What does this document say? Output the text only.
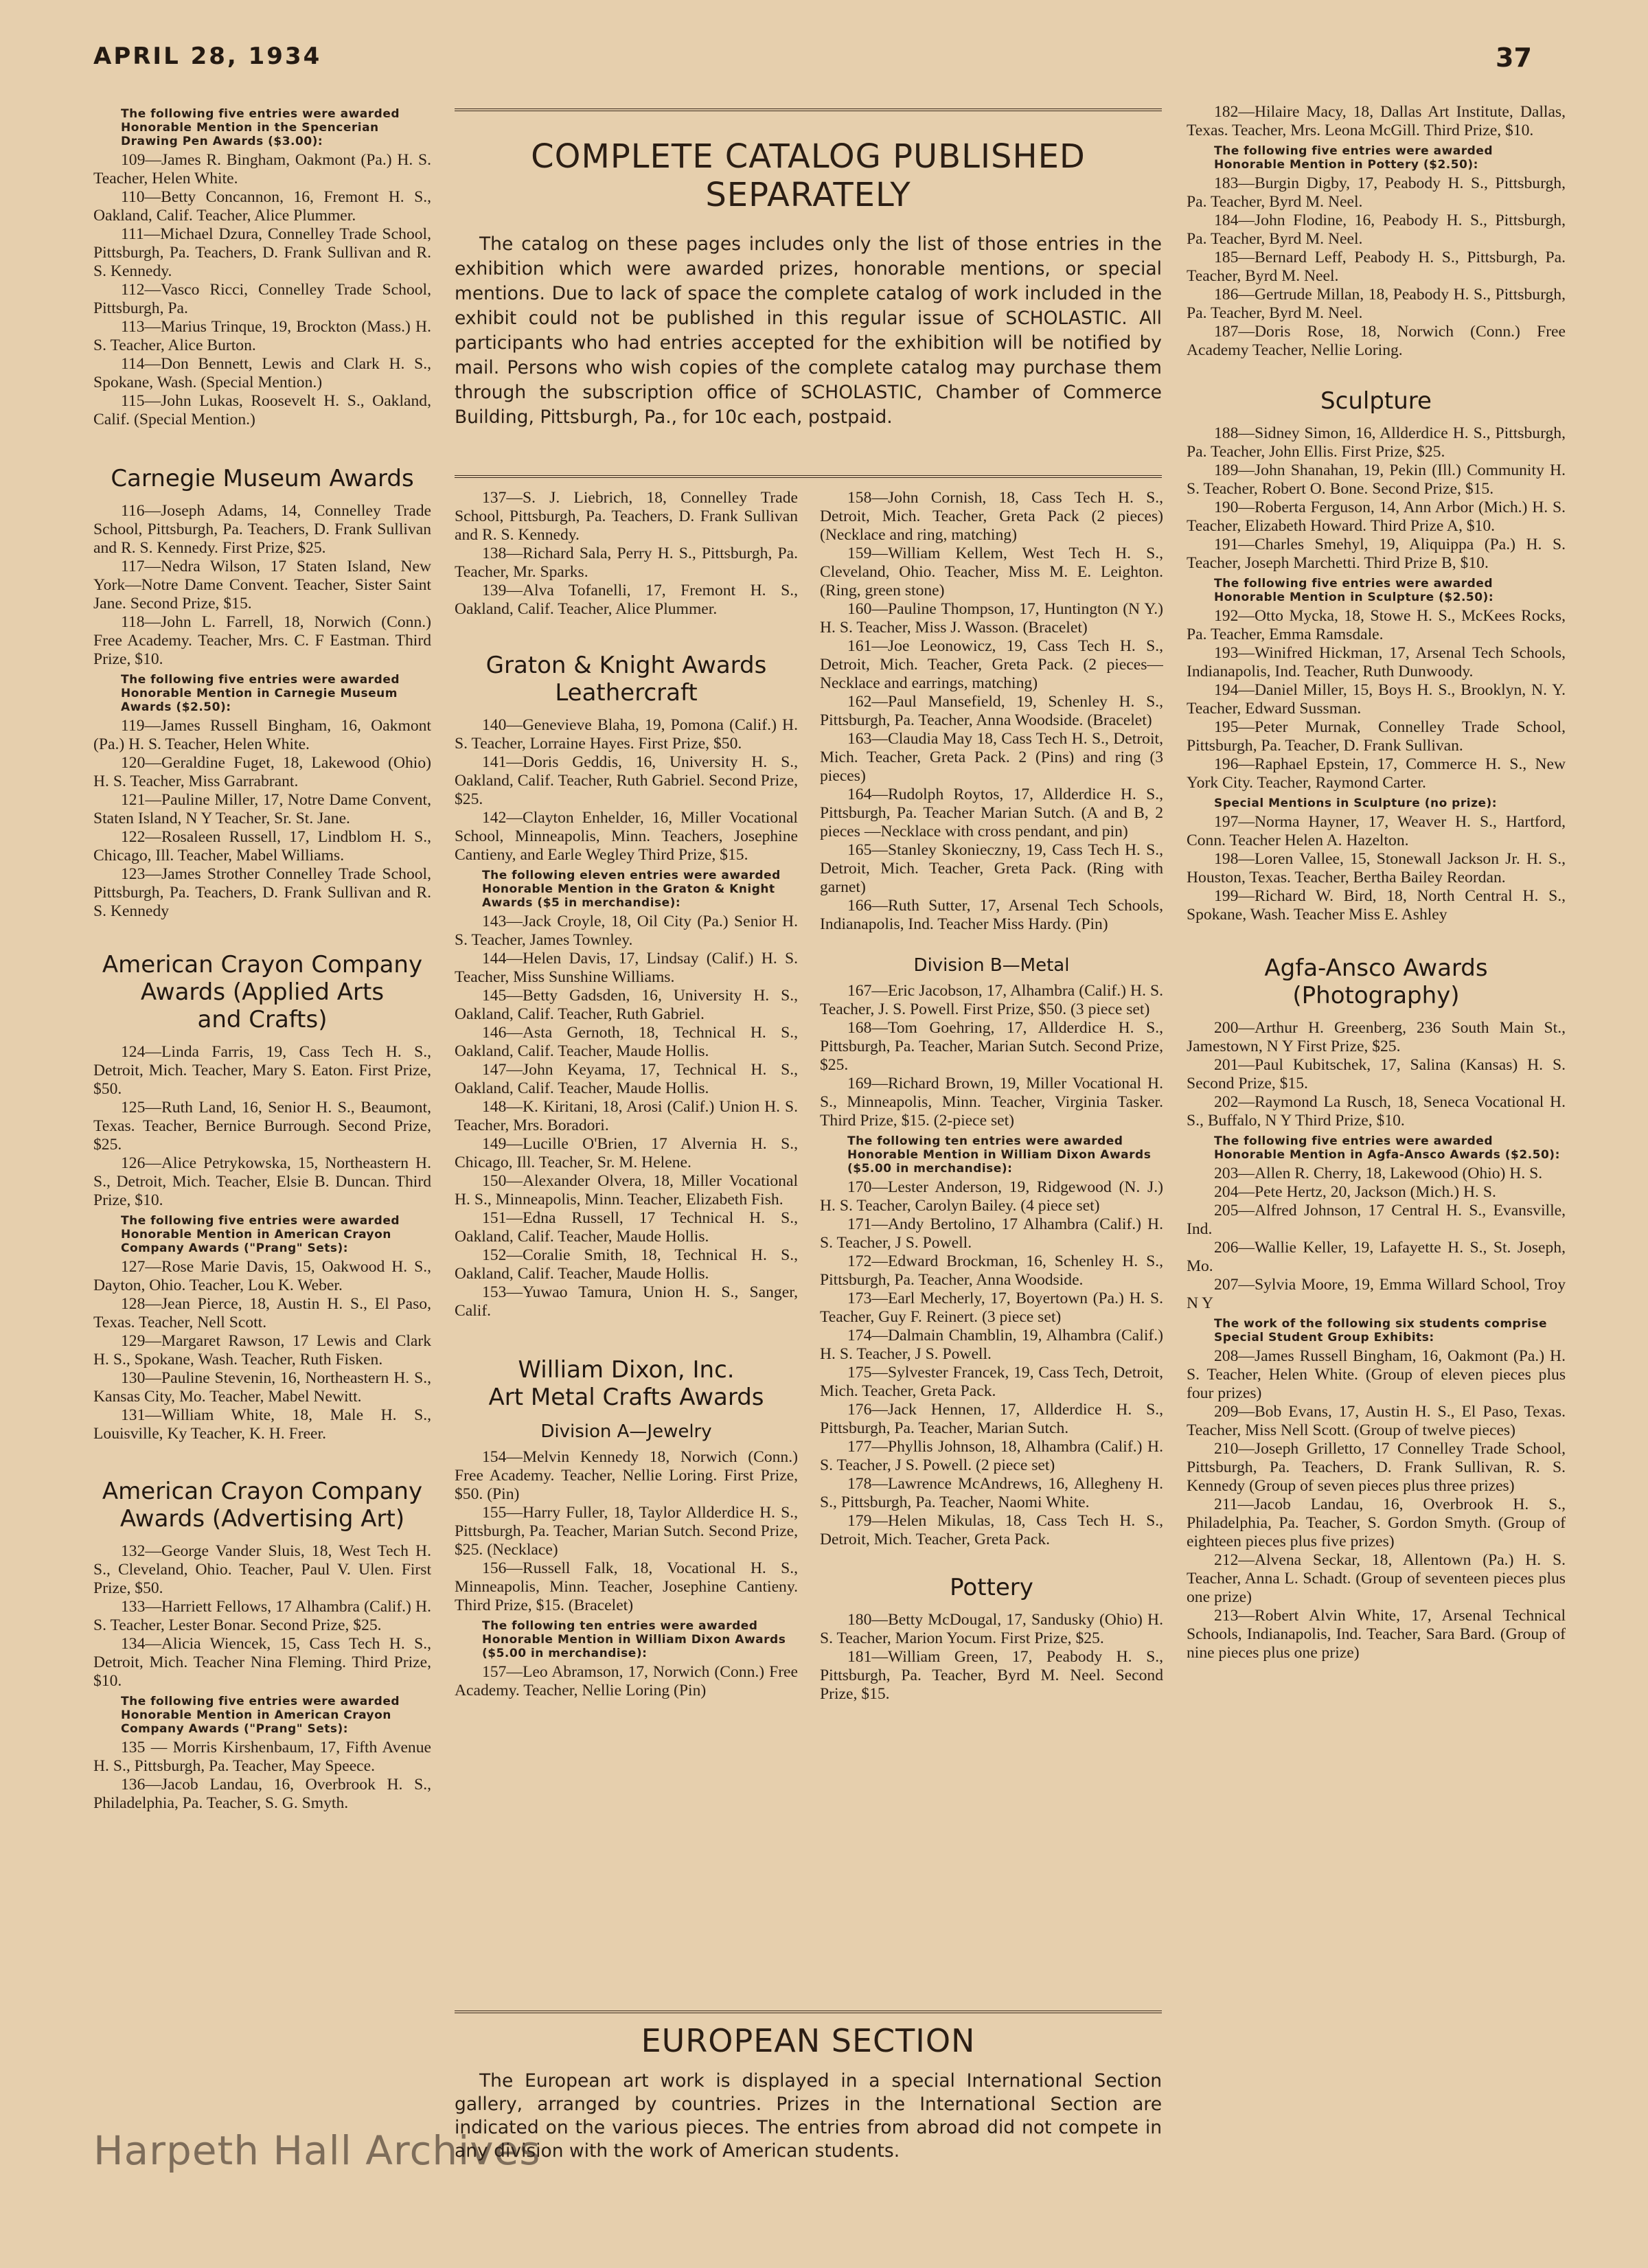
APRIL 28, 1934	37
COMPLETE CATALOG PUBLISHED
SEPARATELY

The catalog on these pages includes only the list of those entries in the exhibition which were awarded prizes, honorable mentions, or special mentions. Due to lack of space the complete catalog of work included in the exhibit could not be published in this regular issue of SCHOLASTIC. All participants who had entries accepted for the exhibition will be notified by mail. Persons who wish copies of the complete catalog may purchase them through the subscription office of SCHOLASTIC, Chamber of Commerce Building, Pittsburgh, Pa., for 10c each, postpaid.

The following five entries were awarded Honorable Mention in the Spencerian Drawing Pen Awards ($3.00):

109—James R. Bingham, Oakmont (Pa.) H. S. Teacher, Helen White.

110—Betty Concannon, 16, Fremont H. S., Oakland, Calif. Teacher, Alice Plummer.

111—Michael Dzura, Connelley Trade School, Pittsburgh, Pa. Teachers, D. Frank Sullivan and R. S. Kennedy.

112—Vasco Ricci, Connelley Trade School, Pittsburgh, Pa.

113—Marius Trinque, 19, Brockton (Mass.) H. S. Teacher, Alice Burton.

114—Don Bennett, Lewis and Clark H. S., Spokane, Wash. (Special Mention.)

115—John Lukas, Roosevelt H. S., Oakland, Calif. (Special Mention.)

Carnegie Museum Awards

116—Joseph Adams, 14, Connelley Trade School, Pittsburgh, Pa. Teachers, D. Frank Sullivan and R. S. Kennedy. First Prize, $25.

117—Nedra Wilson, 17 Staten Island, New York—Notre Dame Convent. Teacher, Sister Saint Jane. Second Prize, $15.

118—John L. Farrell, 18, Norwich (Conn.) Free Academy. Teacher, Mrs. C. F Eastman. Third Prize, $10.

The following five entries were awarded Honorable Mention in Carnegie Museum Awards ($2.50):

119—James Russell Bingham, 16, Oakmont (Pa.) H. S. Teacher, Helen White.

120—Geraldine Fuget, 18, Lakewood (Ohio) H. S. Teacher, Miss Garrabrant.

121—Pauline Miller, 17, Notre Dame Convent, Staten Island, N Y Teacher, Sr. St. Jane.

122—Rosaleen Russell, 17, Lindblom H. S., Chicago, Ill. Teacher, Mabel Williams.

123—James Strother Connelley Trade School, Pittsburgh, Pa. Teachers, D. Frank Sullivan and R. S. Kennedy

American Crayon Company
Awards (Applied Arts
and Crafts)

124—Linda Farris, 19, Cass Tech H. S., Detroit, Mich. Teacher, Mary S. Eaton. First Prize, $50.

125—Ruth Land, 16, Senior H. S., Beaumont, Texas. Teacher, Bernice Burrough. Second Prize, $25.

126—Alice Petrykowska, 15, Northeastern H. S., Detroit, Mich. Teacher, Elsie B. Duncan. Third Prize, $10.

The following five entries were awarded Honorable Mention in American Crayon Company Awards ("Prang" Sets):

127—Rose Marie Davis, 15, Oakwood H. S., Dayton, Ohio. Teacher, Lou K. Weber.

128—Jean Pierce, 18, Austin H. S., El Paso, Texas. Teacher, Nell Scott.

129—Margaret Rawson, 17 Lewis and Clark H. S., Spokane, Wash. Teacher, Ruth Fisken.

130—Pauline Stevenin, 16, Northeastern H. S., Kansas City, Mo. Teacher, Mabel Newitt.

131—William White, 18, Male H. S., Louisville, Ky Teacher, K. H. Freer.

American Crayon Company
Awards (Advertising Art)

132—George Vander Sluis, 18, West Tech H. S., Cleveland, Ohio. Teacher, Paul V. Ulen. First Prize, $50.

133—Harriett Fellows, 17 Alhambra (Calif.) H. S. Teacher, Lester Bonar. Second Prize, $25.

134—Alicia Wiencek, 15, Cass Tech H. S., Detroit, Mich. Teacher Nina Fleming. Third Prize, $10.

The following five entries were awarded Honorable Mention in American Crayon Company Awards ("Prang" Sets):

135 — Morris Kirshenbaum, 17, Fifth Avenue H. S., Pittsburgh, Pa. Teacher, May Speece.

136—Jacob Landau, 16, Overbrook H. S., Philadelphia, Pa. Teacher, S. G. Smyth.

137—S. J. Liebrich, 18, Connelley Trade School, Pittsburgh, Pa. Teachers, D. Frank Sullivan and R. S. Kennedy.

138—Richard Sala, Perry H. S., Pittsburgh, Pa. Teacher, Mr. Sparks.

139—Alva Tofanelli, 17, Fremont H. S., Oakland, Calif. Teacher, Alice Plummer.

Graton & Knight Awards
Leathercraft

140—Genevieve Blaha, 19, Pomona (Calif.) H. S. Teacher, Lorraine Hayes. First Prize, $50.

141—Doris Geddis, 16, University H. S., Oakland, Calif. Teacher, Ruth Gabriel. Second Prize, $25.

142—Clayton Enhelder, 16, Miller Vocational School, Minneapolis, Minn. Teachers, Josephine Cantieny, and Earle Wegley Third Prize, $15.

The following eleven entries were awarded Honorable Mention in the Graton & Knight Awards ($5 in merchandise):

143—Jack Croyle, 18, Oil City (Pa.) Senior H. S. Teacher, James Townley.

144—Helen Davis, 17, Lindsay (Calif.) H. S. Teacher, Miss Sunshine Williams.

145—Betty Gadsden, 16, University H. S., Oakland, Calif. Teacher, Ruth Gabriel.

146—Asta Gernoth, 18, Technical H. S., Oakland, Calif. Teacher, Maude Hollis.

147—John Keyama, 17, Technical H. S., Oakland, Calif. Teacher, Maude Hollis.

148—K. Kiritani, 18, Arosi (Calif.) Union H. S. Teacher, Mrs. Boradori.

149—Lucille O'Brien, 17 Alvernia H. S., Chicago, Ill. Teacher, Sr. M. Helene.

150—Alexander Olvera, 18, Miller Vocational H. S., Minneapolis, Minn. Teacher, Elizabeth Fish.

151—Edna Russell, 17 Technical H. S., Oakland, Calif. Teacher, Maude Hollis.

152—Coralie Smith, 18, Technical H. S., Oakland, Calif. Teacher, Maude Hollis.

153—Yuwao Tamura, Union H. S., Sanger, Calif.

William Dixon, Inc.
Art Metal Crafts Awards
Division A—Jewelry

154—Melvin Kennedy 18, Norwich (Conn.) Free Academy. Teacher, Nellie Loring. First Prize, $50. (Pin)

155—Harry Fuller, 18, Taylor Allderdice H. S., Pittsburgh, Pa. Teacher, Marian Sutch. Second Prize, $25. (Necklace)

156—Russell Falk, 18, Vocational H. S., Minneapolis, Minn. Teacher, Josephine Cantieny. Third Prize, $15. (Bracelet)

The following ten entries were awarded Honorable Mention in William Dixon Awards ($5.00 in merchandise):

157—Leo Abramson, 17, Norwich (Conn.) Free Academy. Teacher, Nellie Loring (Pin)

158—John Cornish, 18, Cass Tech H. S., Detroit, Mich. Teacher, Greta Pack (2 pieces) (Necklace and ring, matching)

159—William Kellem, West Tech H. S., Cleveland, Ohio. Teacher, Miss M. E. Leighton. (Ring, green stone)

160—Pauline Thompson, 17, Huntington (N Y.) H. S. Teacher, Miss J. Wasson. (Bracelet)

161—Joe Leonowicz, 19, Cass Tech H. S., Detroit, Mich. Teacher, Greta Pack. (2 pieces—Necklace and earrings, matching)

162—Paul Mansefield, 19, Schenley H. S., Pittsburgh, Pa. Teacher, Anna Woodside. (Bracelet)

163—Claudia May 18, Cass Tech H. S., Detroit, Mich. Teacher, Greta Pack. 2 (Pins) and ring (3 pieces)

164—Rudolph Roytos, 17, Allderdice H. S., Pittsburgh, Pa. Teacher Marian Sutch. (A and B, 2 pieces —Necklace with cross pendant, and pin)

165—Stanley Skonieczny, 19, Cass Tech H. S., Detroit, Mich. Teacher, Greta Pack. (Ring with garnet)

166—Ruth Sutter, 17, Arsenal Tech Schools, Indianapolis, Ind. Teacher Miss Hardy. (Pin)

Division B—Metal

167—Eric Jacobson, 17, Alhambra (Calif.) H. S. Teacher, J. S. Powell. First Prize, $50. (3 piece set)

168—Tom Goehring, 17, Allderdice H. S., Pittsburgh, Pa. Teacher, Marian Sutch. Second Prize, $25.

169—Richard Brown, 19, Miller Vocational H. S., Minneapolis, Minn. Teacher, Virginia Tasker. Third Prize, $15. (2-piece set)

The following ten entries were awarded Honorable Mention in William Dixon Awards ($5.00 in merchandise):

170—Lester Anderson, 19, Ridgewood (N. J.) H. S. Teacher, Carolyn Bailey. (4 piece set)

171—Andy Bertolino, 17 Alhambra (Calif.) H. S. Teacher, J S. Powell.

172—Edward Brockman, 16, Schenley H. S., Pittsburgh, Pa. Teacher, Anna Woodside.

173—Earl Mecherly, 17, Boyertown (Pa.) H. S. Teacher, Guy F. Reinert. (3 piece set)

174—Dalmain Chamblin, 19, Alhambra (Calif.) H. S. Teacher, J S. Powell.

175—Sylvester Francek, 19, Cass Tech, Detroit, Mich. Teacher, Greta Pack.

176—Jack Hennen, 17, Allderdice H. S., Pittsburgh, Pa. Teacher, Marian Sutch.

177—Phyllis Johnson, 18, Alhambra (Calif.) H. S. Teacher, J S. Powell. (2 piece set)

178—Lawrence McAndrews, 16, Allegheny H. S., Pittsburgh, Pa. Teacher, Naomi White.

179—Helen Mikulas, 18, Cass Tech H. S., Detroit, Mich. Teacher, Greta Pack.

Pottery

180—Betty McDougal, 17, Sandusky (Ohio) H. S. Teacher, Marion Yocum. First Prize, $25.

181—William Green, 17, Peabody H. S., Pittsburgh, Pa. Teacher, Byrd M. Neel. Second Prize, $15.

EUROPEAN SECTION

The European art work is displayed in a special International Section gallery, arranged by countries. Prizes in the International Section are indicated on the various pieces. The entries from abroad did not compete in any division with the work of American students.

182—Hilaire Macy, 18, Dallas Art Institute, Dallas, Texas. Teacher, Mrs. Leona McGill. Third Prize, $10.

The following five entries were awarded Honorable Mention in Pottery ($2.50):

183—Burgin Digby, 17, Peabody H. S., Pittsburgh, Pa. Teacher, Byrd M. Neel.

184—John Flodine, 16, Peabody H. S., Pittsburgh, Pa. Teacher, Byrd M. Neel.

185—Bernard Leff, Peabody H. S., Pittsburgh, Pa. Teacher, Byrd M. Neel.

186—Gertrude Millan, 18, Peabody H. S., Pittsburgh, Pa. Teacher, Byrd M. Neel.

187—Doris Rose, 18, Norwich (Conn.) Free Academy Teacher, Nellie Loring.

Sculpture

188—Sidney Simon, 16, Allderdice H. S., Pittsburgh, Pa. Teacher, John Ellis. First Prize, $25.

189—John Shanahan, 19, Pekin (Ill.) Community H. S. Teacher, Robert O. Bone. Second Prize, $15.

190—Roberta Ferguson, 14, Ann Arbor (Mich.) H. S. Teacher, Elizabeth Howard. Third Prize A, $10.

191—Charles Smehyl, 19, Aliquippa (Pa.) H. S. Teacher, Joseph Marchetti. Third Prize B, $10.

The following five entries were awarded Honorable Mention in Sculpture ($2.50):

192—Otto Mycka, 18, Stowe H. S., McKees Rocks, Pa. Teacher, Emma Ramsdale.

193—Winifred Hickman, 17, Arsenal Tech Schools, Indianapolis, Ind. Teacher, Ruth Dunwoody.

194—Daniel Miller, 15, Boys H. S., Brooklyn, N. Y. Teacher, Edward Sussman.

195—Peter Murnak, Connelley Trade School, Pittsburgh, Pa. Teacher, D. Frank Sullivan.

196—Raphael Epstein, 17, Commerce H. S., New York City. Teacher, Raymond Carter.

Special Mentions in Sculpture (no prize):

197—Norma Hayner, 17, Weaver H. S., Hartford, Conn. Teacher Helen A. Hazelton.

198—Loren Vallee, 15, Stonewall Jackson Jr. H. S., Houston, Texas. Teacher, Bertha Bailey Reordan.

199—Richard W. Bird, 18, North Central H. S., Spokane, Wash. Teacher Miss E. Ashley

Agfa-Ansco Awards
(Photography)

200—Arthur H. Greenberg, 236 South Main St., Jamestown, N Y First Prize, $25.

201—Paul Kubitschek, 17, Salina (Kansas) H. S. Second Prize, $15.

202—Raymond La Rusch, 18, Seneca Vocational H. S., Buffalo, N Y Third Prize, $10.

The following five entries were awarded Honorable Mention in Agfa-Ansco Awards ($2.50):

203—Allen R. Cherry, 18, Lakewood (Ohio) H. S.

204—Pete Hertz, 20, Jackson (Mich.) H. S.

205—Alfred Johnson, 17 Central H. S., Evansville, Ind.

206—Wallie Keller, 19, Lafayette H. S., St. Joseph, Mo.

207—Sylvia Moore, 19, Emma Willard School, Troy N Y

The work of the following six students comprise Special Student Group Exhibits:

208—James Russell Bingham, 16, Oakmont (Pa.) H. S. Teacher, Helen White. (Group of eleven pieces plus four prizes)

209—Bob Evans, 17, Austin H. S., El Paso, Texas. Teacher, Miss Nell Scott. (Group of twelve pieces)

210—Joseph Grilletto, 17 Connelley Trade School, Pittsburgh, Pa. Teachers, D. Frank Sullivan, R. S. Kennedy (Group of seven pieces plus three prizes)

211—Jacob Landau, 16, Overbrook H. S., Philadelphia, Pa. Teacher, S. Gordon Smyth. (Group of eighteen pieces plus five prizes)

212—Alvena Seckar, 18, Allentown (Pa.) H. S. Teacher, Anna L. Schadt. (Group of seventeen pieces plus one prize)

213—Robert Alvin White, 17, Arsenal Technical Schools, Indianapolis, Ind. Teacher, Sara Bard. (Group of nine pieces plus one prize)

Harpeth Hall Archives
